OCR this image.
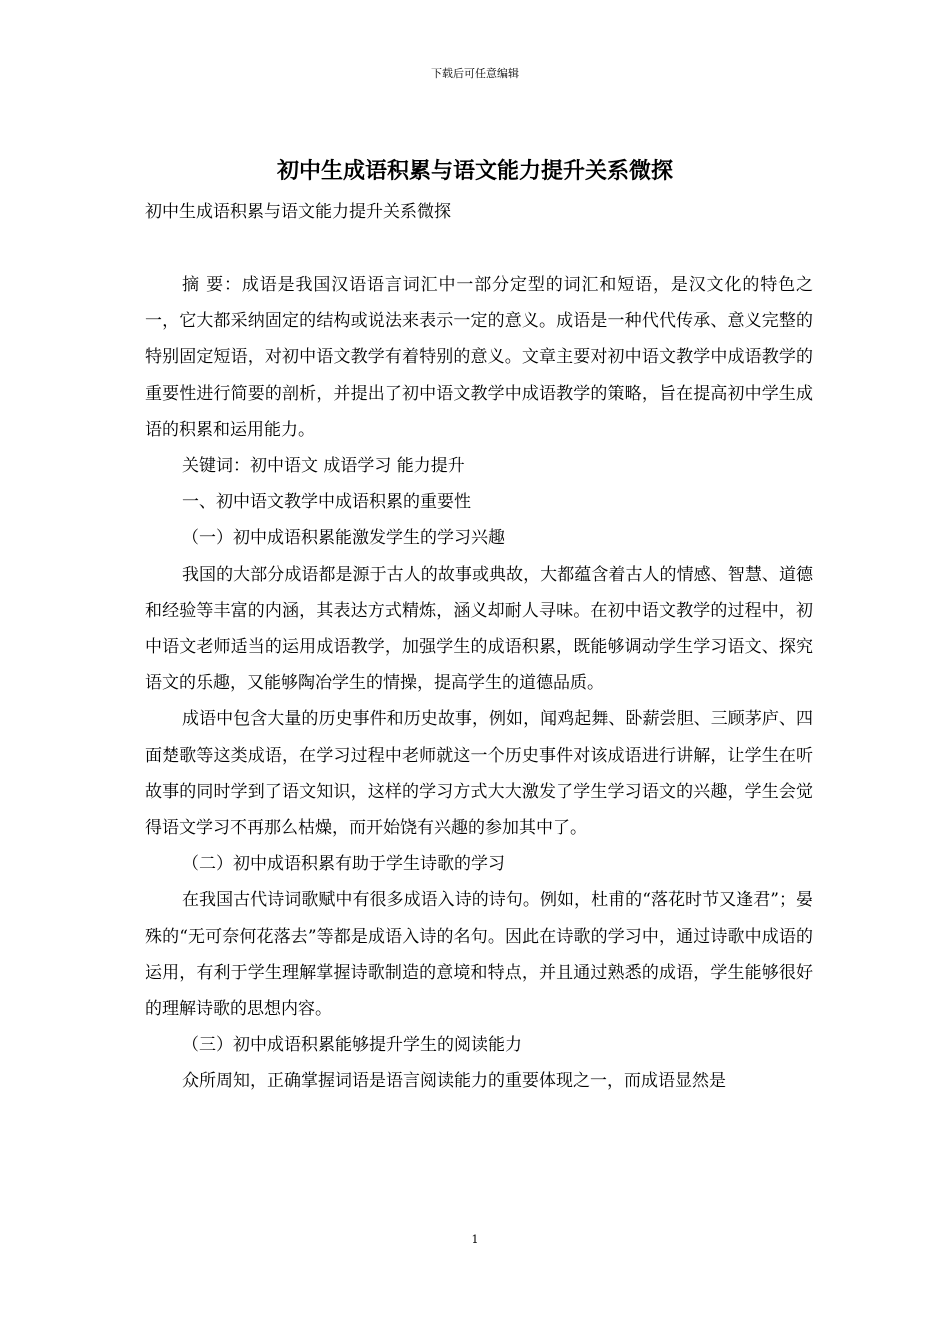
下载后可任意编辑
初中生成语积累与语文能力提升关系微探
初中生成语积累与语文能力提升关系微探

摘 要：成语是我国汉语语言词汇中一部分定型的词汇和短语，是汉文化的特色之一，它大都采纳固定的结构或说法来表示一定的意义。成语是一种代代传承、意义完整的特别固定短语，对初中语文教学有着特别的意义。文章主要对初中语文教学中成语教学的重要性进行简要的剖析，并提出了初中语文教学中成语教学的策略，旨在提高初中学生成语的积累和运用能力。

关键词：初中语文 成语学习 能力提升

一、初中语文教学中成语积累的重要性

（一）初中成语积累能激发学生的学习兴趣

我国的大部分成语都是源于古人的故事或典故，大都蕴含着古人的情感、智慧、道德和经验等丰富的内涵，其表达方式精炼，涵义却耐人寻味。在初中语文教学的过程中，初中语文老师适当的运用成语教学，加强学生的成语积累，既能够调动学生学习语文、探究语文的乐趣，又能够陶冶学生的情操，提高学生的道德品质。

成语中包含大量的历史事件和历史故事，例如，闻鸡起舞、卧薪尝胆、三顾茅庐、四面楚歌等这类成语，在学习过程中老师就这一个历史事件对该成语进行讲解，让学生在听故事的同时学到了语文知识，这样的学习方式大大激发了学生学习语文的兴趣，学生会觉得语文学习不再那么枯燥，而开始饶有兴趣的参加其中了。

（二）初中成语积累有助于学生诗歌的学习

在我国古代诗词歌赋中有很多成语入诗的诗句。例如，杜甫的“落花时节又逢君”；晏殊的“无可奈何花落去”等都是成语入诗的名句。因此在诗歌的学习中，通过诗歌中成语的运用，有利于学生理解掌握诗歌制造的意境和特点，并且通过熟悉的成语，学生能够很好的理解诗歌的思想内容。

（三）初中成语积累能够提升学生的阅读能力

众所周知，正确掌握词语是语言阅读能力的重要体现之一，而成语显然是

1
